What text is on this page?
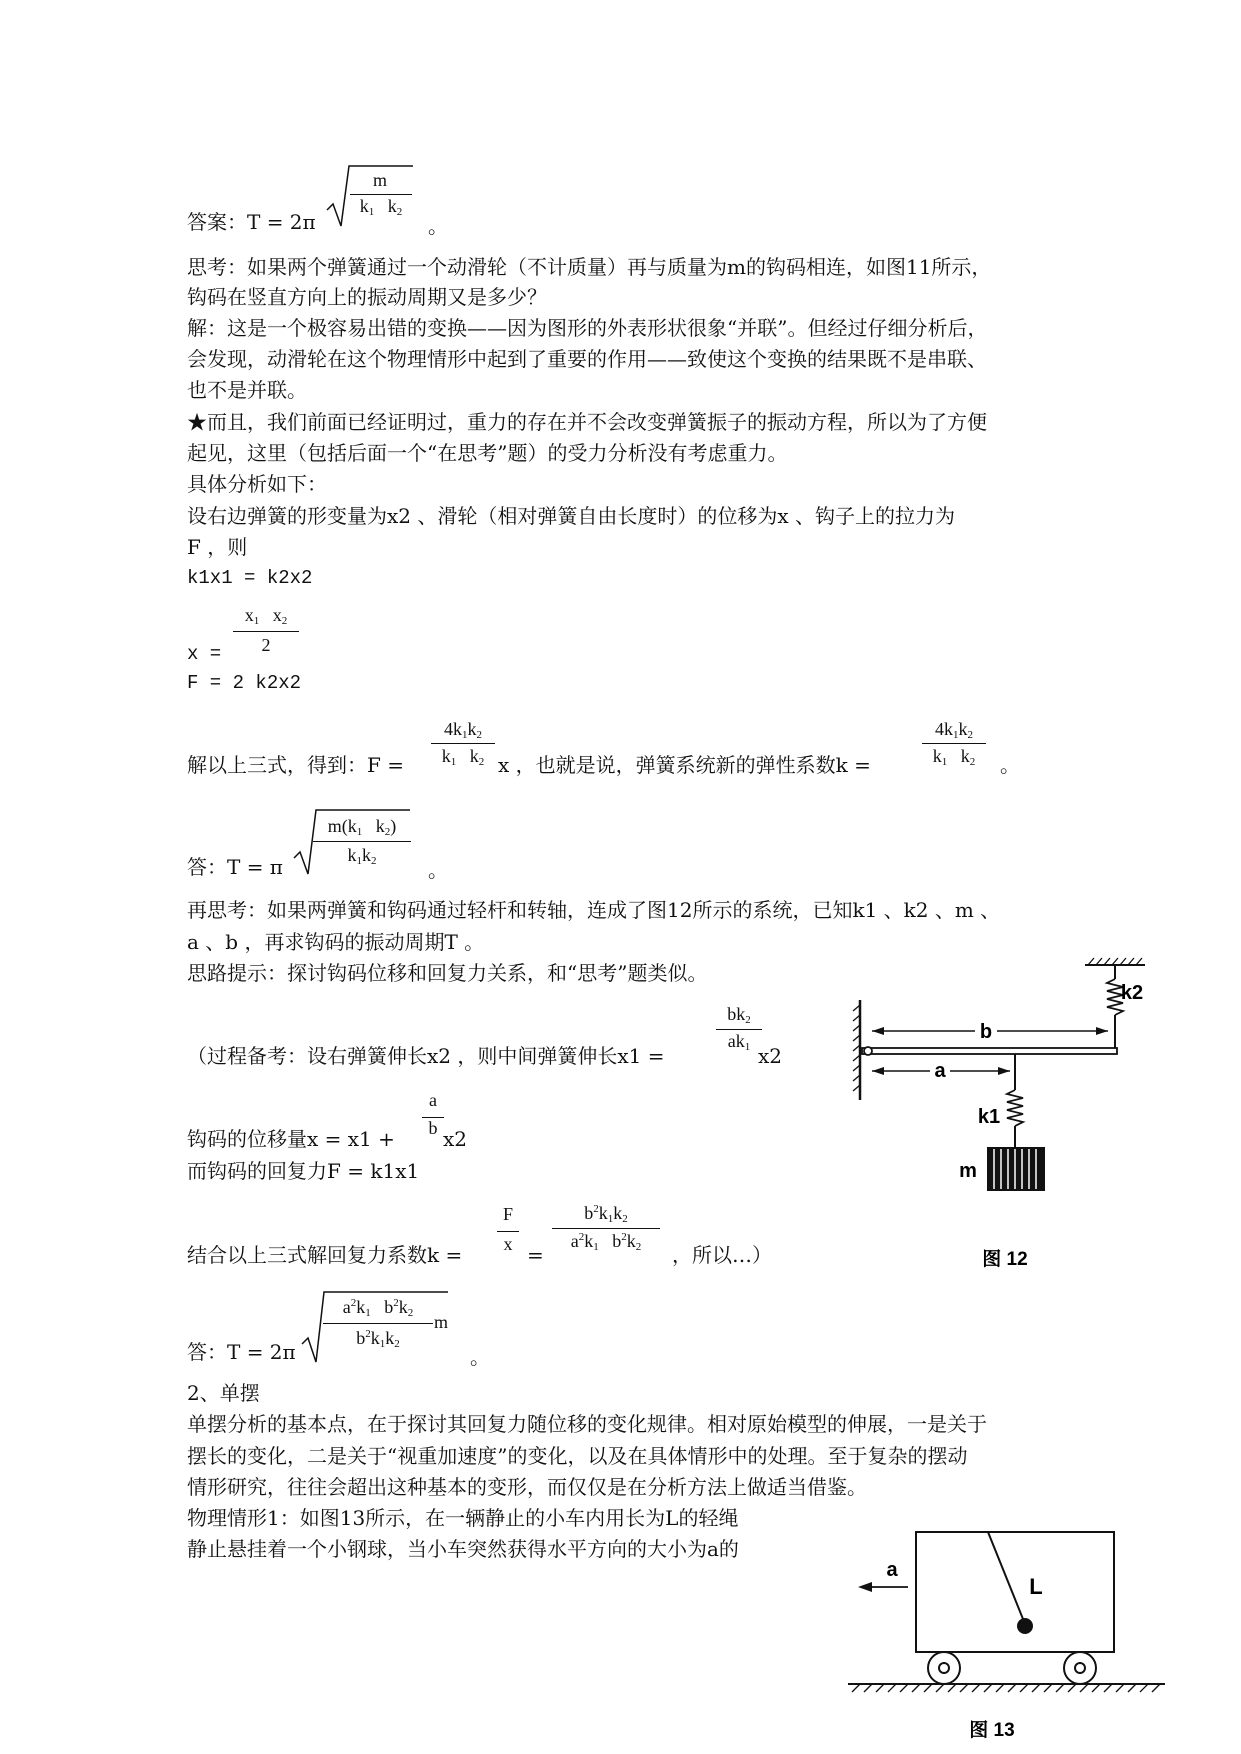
答案：T = 2π
m
$k_1$   $k_2$
。
思考：如果两个弹簧通过一个动滑轮（不计质量）再与质量为m的钩码相连，如图11所示，
钩码在竖直方向上的振动周期又是多少？
解：这是一个极容易出错的变换——因为图形的外表形状很象“并联”。但经过仔细分析后，
会发现，动滑轮在这个物理情形中起到了重要的作用——致使这个变换的结果既不是串联、
也不是并联。
★而且，我们前面已经证明过，重力的存在并不会改变弹簧振子的振动方程，所以为了方便
起见，这里（包括后面一个“在思考”题）的受力分析没有考虑重力。
具体分析如下：
设右边弹簧的形变量为x2 、滑轮（相对弹簧自由长度时）的位移为x 、钩子上的拉力为
F ，则
k1x1 = k2x2
$x_1$   $x_2$
2
x =
F = 2 k2x2
$4k_1k_2$
$k_1$   $k_2$
解以上三式，得到：F =	x ，也就是说，弹簧系统新的弹性系数k =
$4k_1k_2$
$k_1$   $k_2$	。
答：T = π
$m(k_1$   $k_2$)
$k_1k_2$	。
再思考：如果两弹簧和钩码通过轻杆和转轴，连成了图12所示的系统，已知k1 、k2 、m 、
a 、b ，再求钩码的振动周期T 。
思路提示：探讨钩码位移和回复力关系，和“思考”题类似。
$bk_2$
$ak_1$
（过程备考：设右弹簧伸长x2 ，则中间弹簧伸长x1 =	x2
a
b
钩码的位移量x = x1 + x2
而钩码的回复力F = k1x1
F
x =
$b^2k_1k_2$
$a^2k_1$   $b^2k_2$
结合以上三式解回复力系数k =	，所以…）
答：T = 2π
$a^2k_1$   $b^2k_2$
$b^2k_1k_2$
m
。
2、单摆
单摆分析的基本点，在于探讨其回复力随位移的变化规律。相对原始模型的伸展，一是关于
摆长的变化，二是关于“视重加速度”的变化，以及在具体情形中的处理。至于复杂的摆动
情形研究，往往会超出这种基本的变形，而仅仅是在分析方法上做适当借鉴。
物理情形1：如图13所示，在一辆静止的小车内用长为L的轻绳
静止悬挂着一个小钢球，当小车突然获得水平方向的大小为a的
b
a
k2
k1
m
图 12
L
a
图 13
